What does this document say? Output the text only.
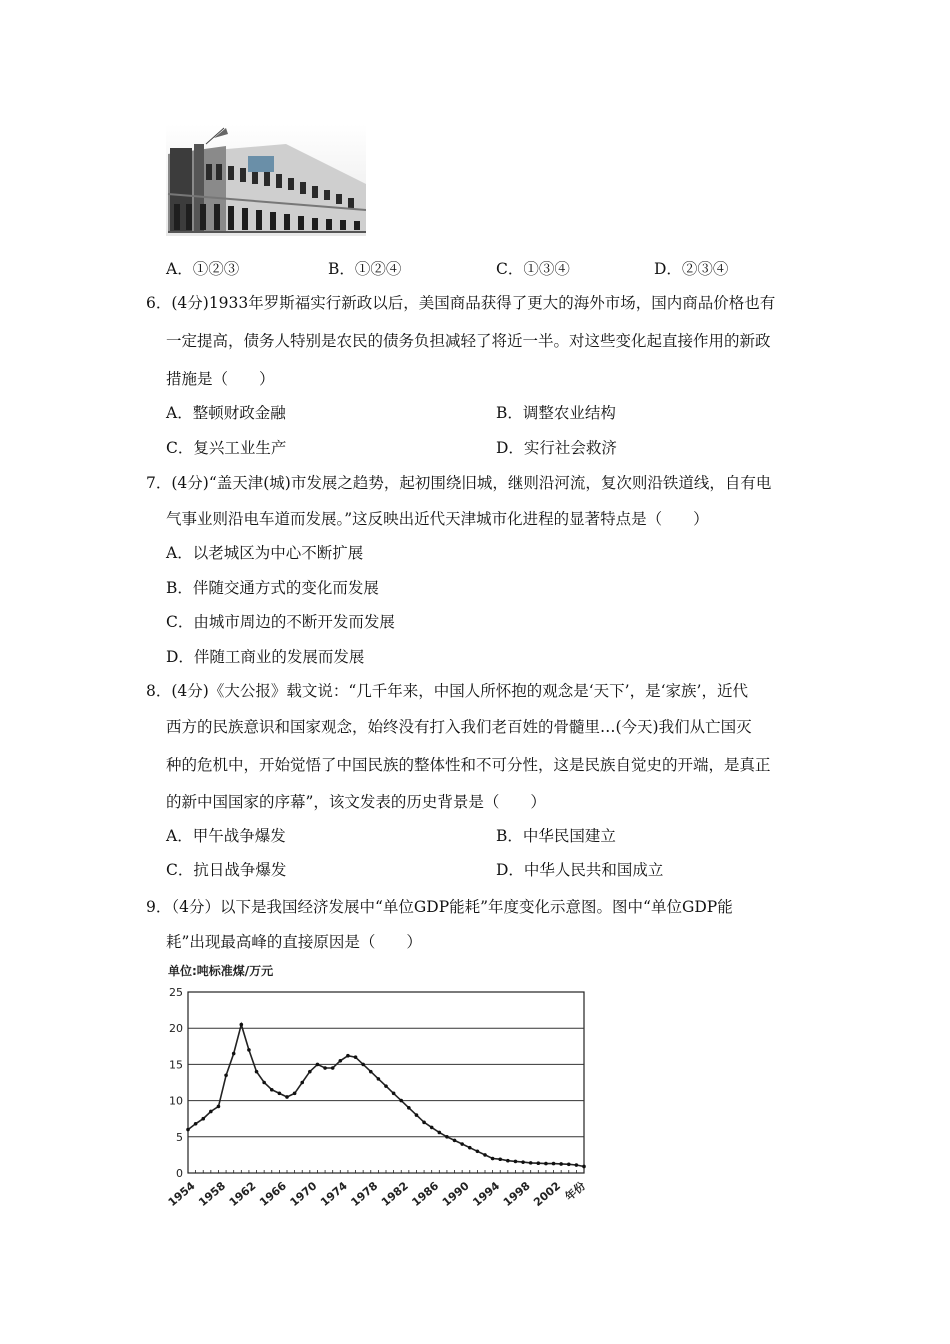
A．①②③	B．①②④	C．①③④	D．②③④
6．(4分)1933年罗斯福实行新政以后，美国商品获得了更大的海外市场，国内商品价格也有
一定提高，债务人特别是农民的债务负担减轻了将近一半。对这些变化起直接作用的新政
措施是（　　）
A．整顿财政金融	B．调整农业结构
C．复兴工业生产	D．实行社会救济
7．(4分)“盖天津(城)市发展之趋势，起初围绕旧城，继则沿河流，复次则沿铁道线，自有电
气事业则沿电车道而发展。”这反映出近代天津城市化进程的显著特点是（　　）
A．以老城区为中心不断扩展
B．伴随交通方式的变化而发展
C．由城市周边的不断开发而发展
D．伴随工商业的发展而发展
8．(4分)《大公报》载文说：“几千年来，中国人所怀抱的观念是‘天下’，是‘家族’，近代
西方的民族意识和国家观念，始终没有打入我们老百姓的骨髓里…(今天)我们从亡国灭
种的危机中，开始觉悟了中国民族的整体性和不可分性，这是民族自觉史的开端，是真正
的新中国国家的序幕”，该文发表的历史背景是（　　）
A．甲午战争爆发	B．中华民国建立
C．抗日战争爆发	D．中华人民共和国成立
9．（4分）以下是我国经济发展中“单位GDP能耗”年度变化示意图。图中“单位GDP能
耗”出现最高峰的直接原因是（　　）
单位:吨标准煤/万元
0
5
10
15
20
25
1954
1958
1962
1966
1970
1974
1978
1982
1986
1990
1994
1998
2002 年份
